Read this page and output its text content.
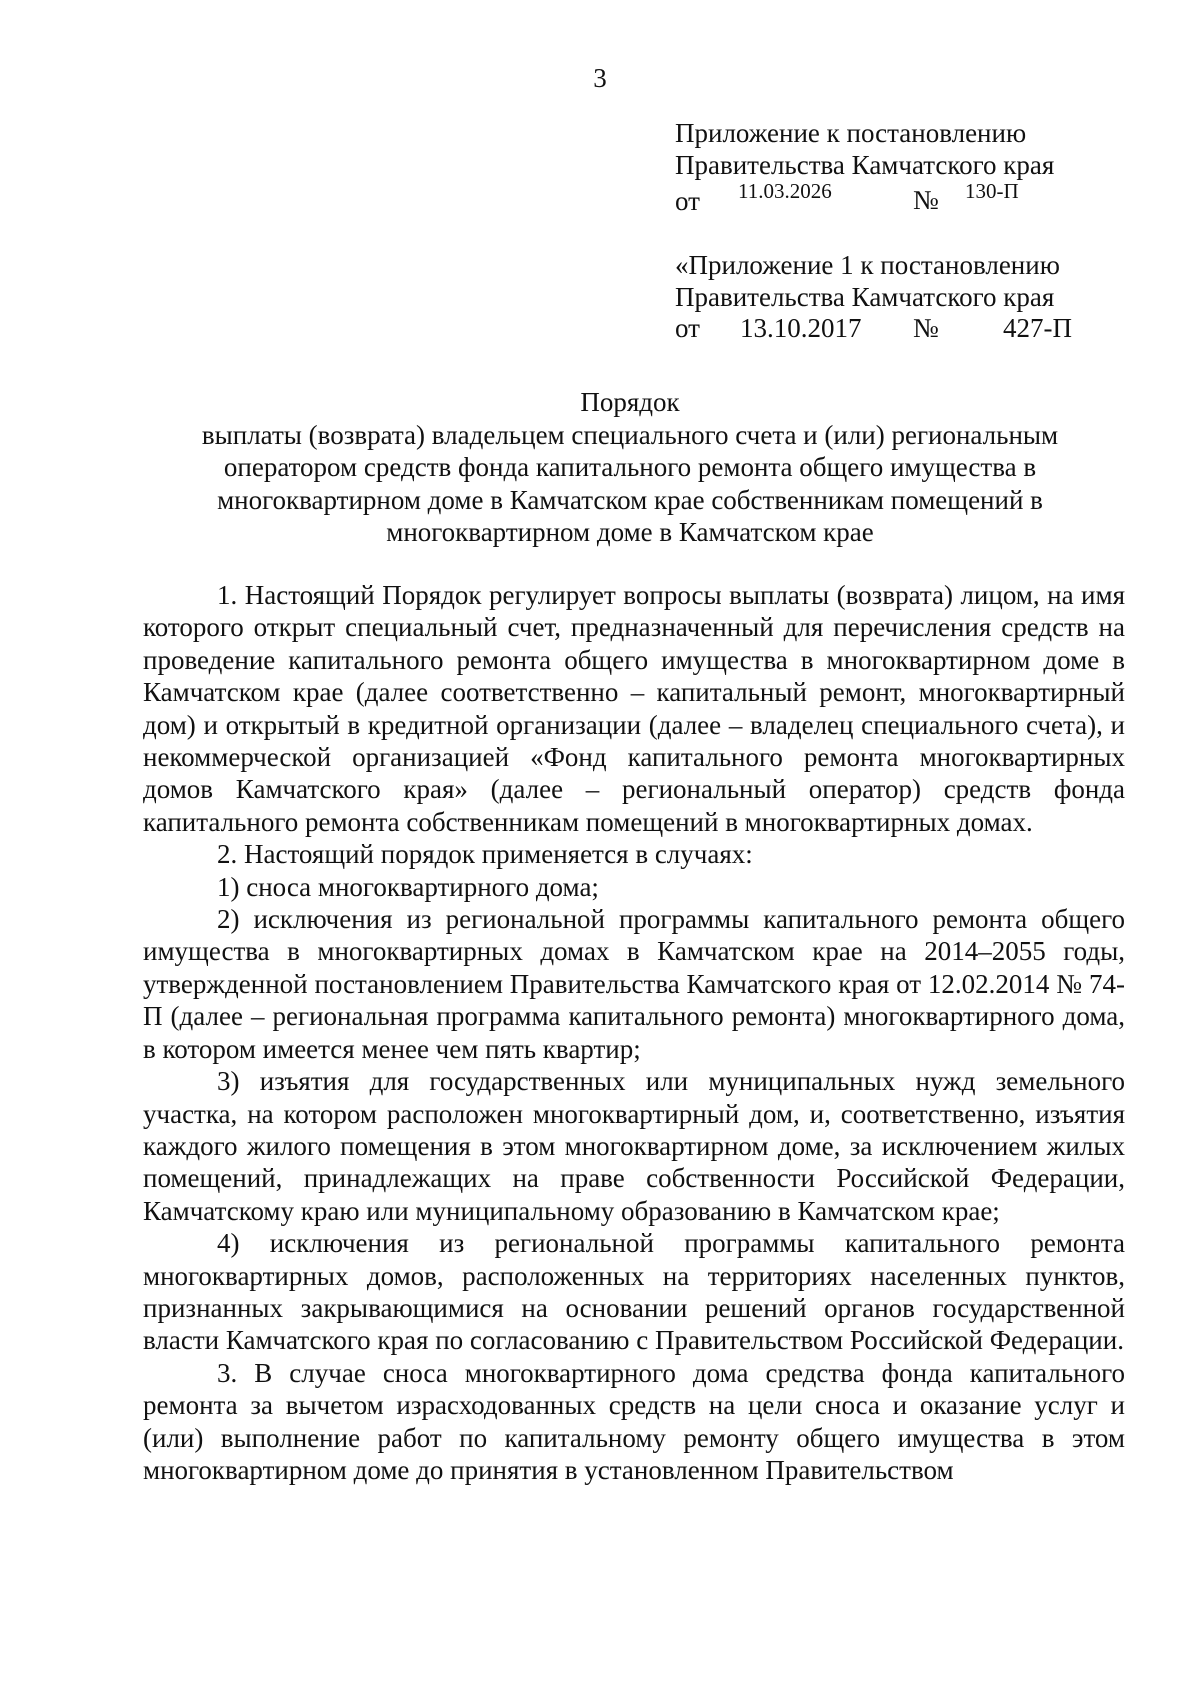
3
Приложение к постановлению
Правительства Камчатского края
от 11.03.2026	№ 130-П
«Приложение 1 к постановлению
Правительства Камчатского края
от 13.10.2017 № 427-П
Порядок
выплаты (возврата) владельцем специального счета и (или) региональным
оператором средств фонда капитального ремонта общего имущества в
многоквартирном доме в Камчатском крае собственникам помещений в
многоквартирном доме в Камчатском крае

1. Настоящий Порядок регулирует вопросы выплаты (возврата) лицом, на имя которого открыт специальный счет, предназначенный для перечисления средств на проведение капитального ремонта общего имущества в многоквартирном доме в Камчатском крае (далее соответственно – капитальный ремонт, многоквартирный дом) и открытый в кредитной организации (далее – владелец специального счета), и некоммерческой организацией «Фонд капитального ремонта многоквартирных домов Камчатского края» (далее – региональный оператор) средств фонда капитального ремонта собственникам помещений в многоквартирных домах.

2. Настоящий порядок применяется в случаях:

1) сноса многоквартирного дома;

2) исключения из региональной программы капитального ремонта общего имущества в многоквартирных домах в Камчатском крае на 2014–2055 годы, утвержденной постановлением Правительства Камчатского края от 12.02.2014 № 74-П (далее – региональная программа капитального ремонта) многоквартирного дома, в котором имеется менее чем пять квартир;

3) изъятия для государственных или муниципальных нужд земельного участка, на котором расположен многоквартирный дом, и, соответственно, изъятия каждого жилого помещения в этом многоквартирном доме, за исключением жилых помещений, принадлежащих на праве собственности Российской Федерации, Камчатскому краю или муниципальному образованию в Камчатском крае;

4) исключения из региональной программы капитального ремонта многоквартирных домов, расположенных на территориях населенных пунктов, признанных закрывающимися на основании решений органов государственной власти Камчатского края по согласованию с Правительством Российской Федерации.

3. В случае сноса многоквартирного дома средства фонда капитального ремонта за вычетом израсходованных средств на цели сноса и оказание услуг и (или) выполнение работ по капитальному ремонту общего имущества в этом многоквартирном доме до принятия в установленном Правительством
